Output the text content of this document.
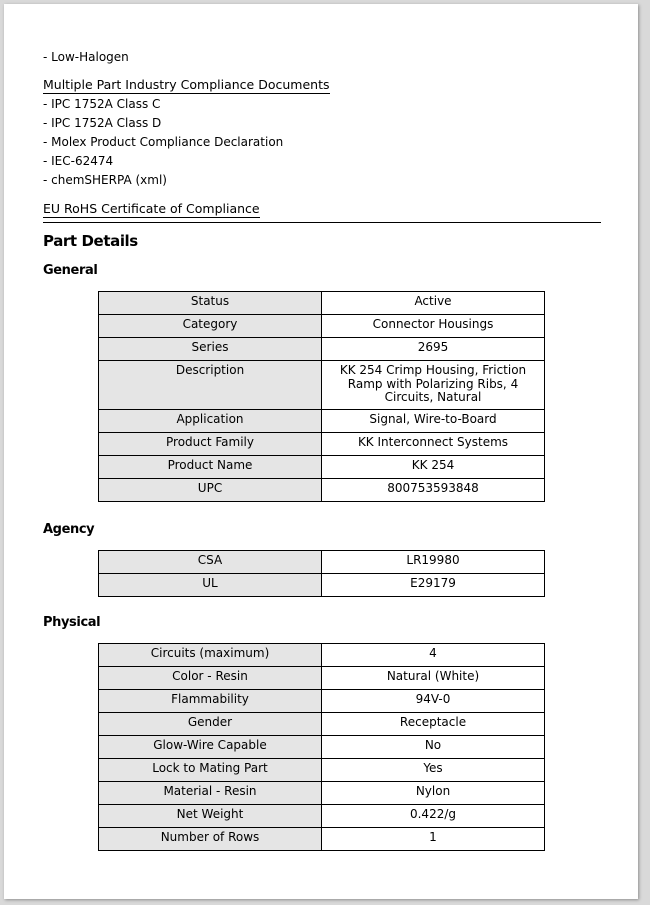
- Low-Halogen
Multiple Part Industry Compliance Documents
- IPC 1752A Class C
- IPC 1752A Class D
- Molex Product Compliance Declaration
- IEC-62474
- chemSHERPA (xml)
EU RoHS Certificate of Compliance
Part Details
General
Status	Active
Category	Connector Housings
Series	2695
Description	KK 254 Crimp Housing, Friction
Ramp with Polarizing Ribs, 4
Circuits, Natural
Application	Signal, Wire-to-Board
Product Family	KK Interconnect Systems
Product Name	KK 254
UPC	800753593848
Agency
CSA	LR19980
UL	E29179
Physical
Circuits (maximum)	4
Color - Resin	Natural (White)
Flammability	94V-0
Gender	Receptacle
Glow-Wire Capable	No
Lock to Mating Part	Yes
Material - Resin	Nylon
Net Weight	0.422/g
Number of Rows	1
